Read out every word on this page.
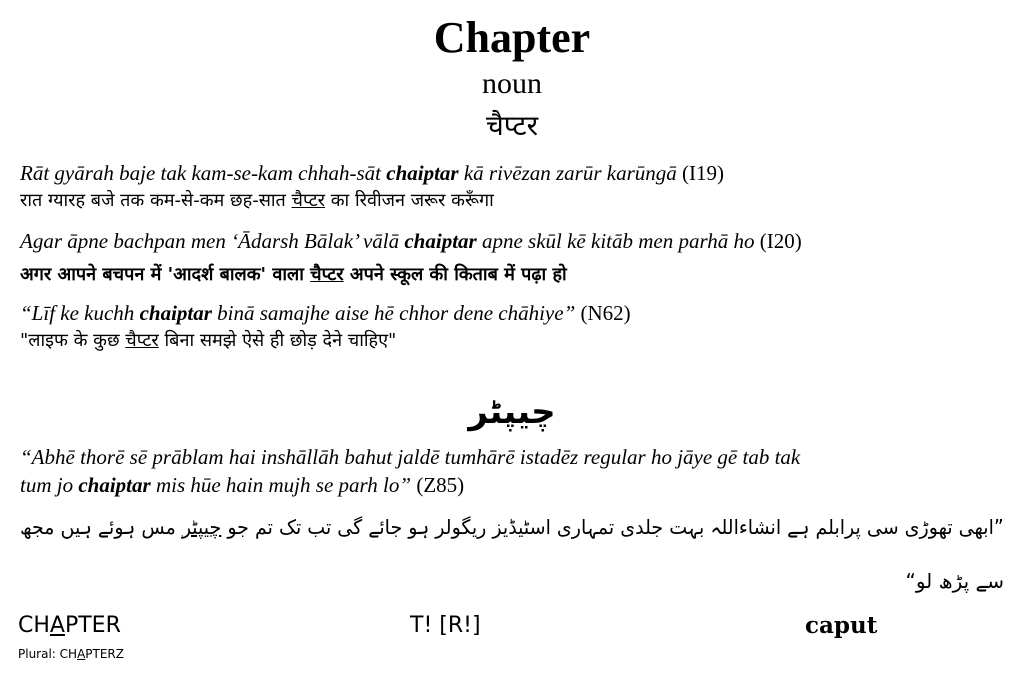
Chapter
noun
चैप्टर
Rāt gyārah baje tak kam-se-kam chhah-sāt chaiptar kā rivēzan zarūr karūngā (I19)
रात ग्यारह बजे तक कम-से-कम छह-सात चैप्टर का रिवीजन जरूर करूँगा
Agar āpne bachpan men ‘Ādarsh Bālak’ vālā chaiptar apne skūl kē kitāb men parhā ho (I20)
अगर आपने बचपन में 'आदर्श बालक' वाला चैप्टर अपने स्कूल की किताब में पढ़ा हो
“Līf ke kuchh chaiptar binā samajhe aise hē chhor dene chāhiye” (N62)
"लाइफ के कुछ चैप्टर बिना समझे ऐसे ही छोड़ देने चाहिए"
چیپٹر
“Abhē thorē sē prāblam hai inshāllāh bahut jaldē tumhārē istadēz regular ho jāye gē tab tak
tum jo chaiptar mis hūe hain mujh se parh lo” (Z85)
”ابھی تھوڑی سی پرابلم ہے انشاءاللہ بہت جلدی تمہاری اسٹیڈیز ریگولر ہو جائے گی تب تک تم جو چیپٹر مس ہوئے ہیں مجھ
سے پڑھ لو“
CHAPTER
Plural: CHAPTERZ
T! [R!]	caput
